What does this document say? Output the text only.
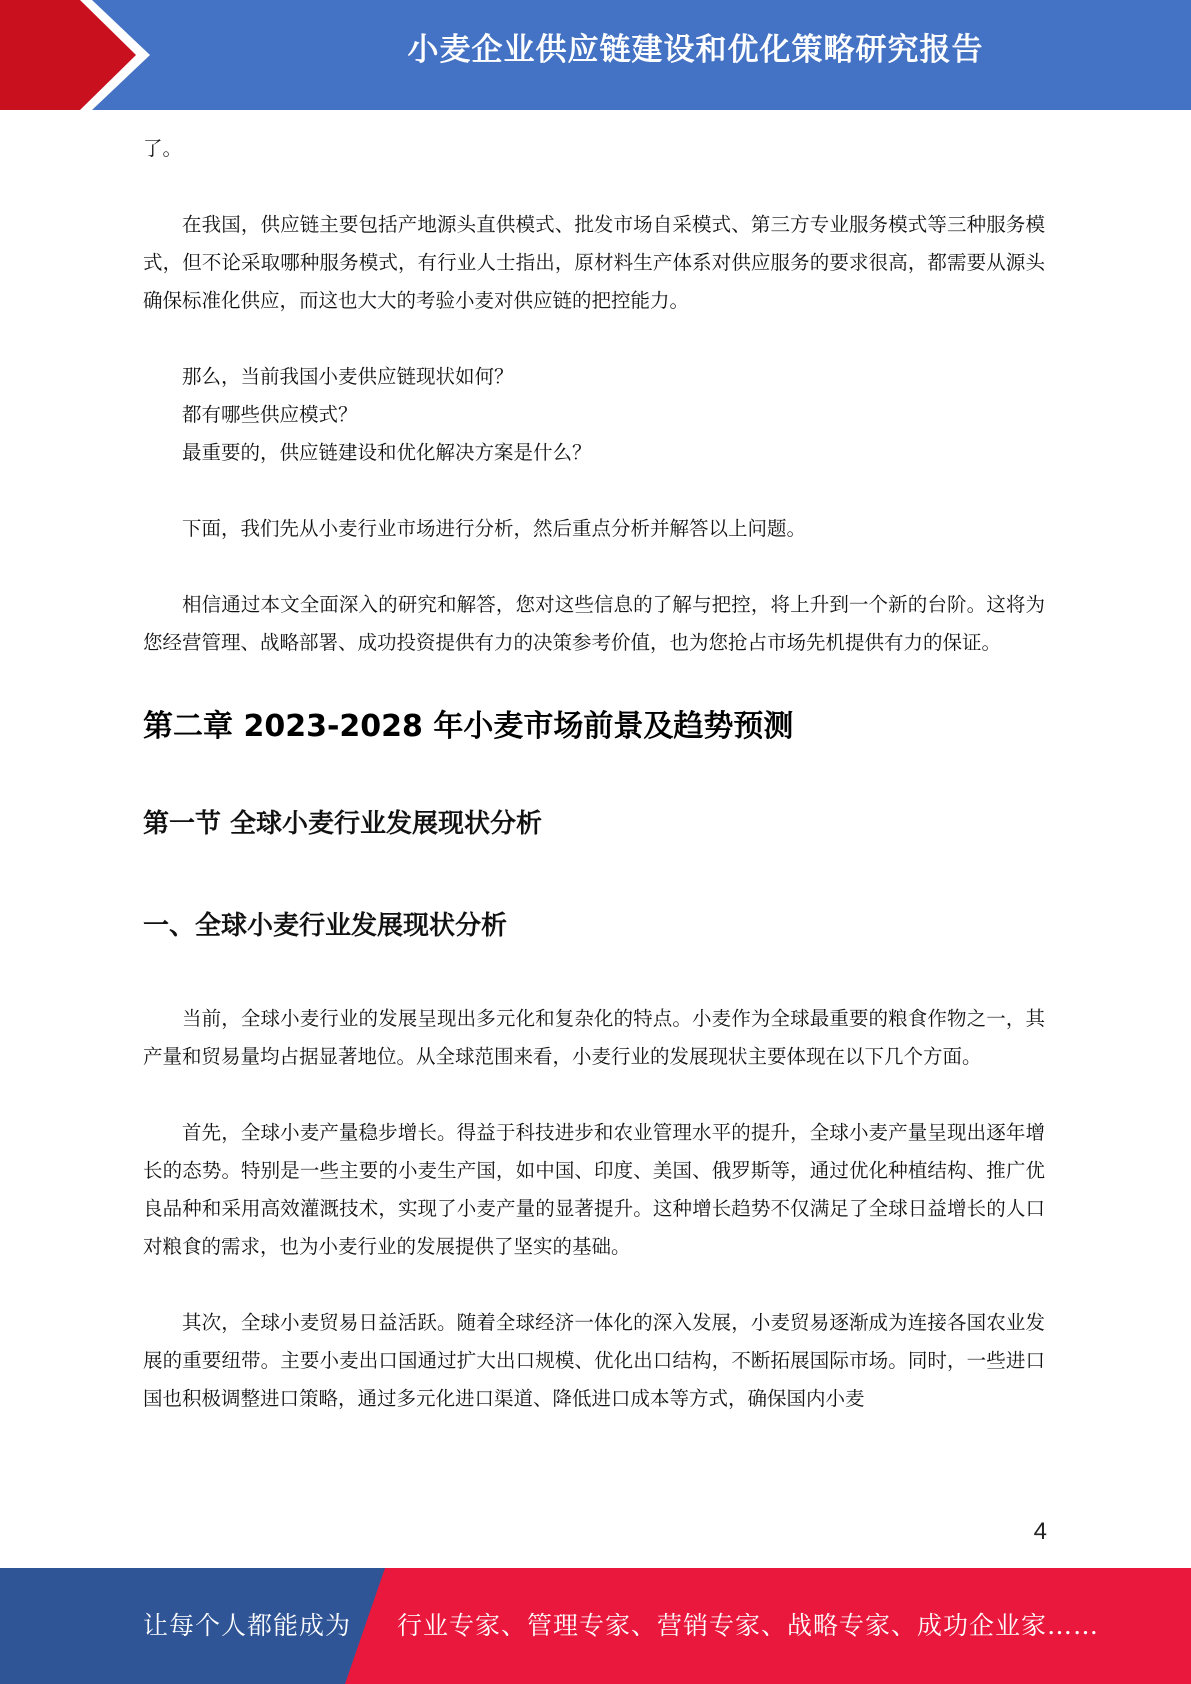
小麦企业供应链建设和优化策略研究报告

了。

在我国，供应链主要包括产地源头直供模式、批发市场自采模式、第三方专业服务模式等三种服务模式，但不论采取哪种服务模式，有行业人士指出，原材料生产体系对供应服务的要求很高，都需要从源头确保标准化供应，而这也大大的考验小麦对供应链的把控能力。

那么，当前我国小麦供应链现状如何？

都有哪些供应模式？

最重要的，供应链建设和优化解决方案是什么？

下面，我们先从小麦行业市场进行分析，然后重点分析并解答以上问题。

相信通过本文全面深入的研究和解答，您对这些信息的了解与把控，将上升到一个新的台阶。这将为您经营管理、战略部署、成功投资提供有力的决策参考价值，也为您抢占市场先机提供有力的保证。

第二章 2023-2028 年小麦市场前景及趋势预测
第一节 全球小麦行业发展现状分析
一、全球小麦行业发展现状分析

当前，全球小麦行业的发展呈现出多元化和复杂化的特点。小麦作为全球最重要的粮食作物之一，其产量和贸易量均占据显著地位。从全球范围来看，小麦行业的发展现状主要体现在以下几个方面。

首先，全球小麦产量稳步增长。得益于科技进步和农业管理水平的提升，全球小麦产量呈现出逐年增长的态势。特别是一些主要的小麦生产国，如中国、印度、美国、俄罗斯等，通过优化种植结构、推广优良品种和采用高效灌溉技术，实现了小麦产量的显著提升。这种增长趋势不仅满足了全球日益增长的人口对粮食的需求，也为小麦行业的发展提供了坚实的基础。

其次，全球小麦贸易日益活跃。随着全球经济一体化的深入发展，小麦贸易逐渐成为连接各国农业发展的重要纽带。主要小麦出口国通过扩大出口规模、优化出口结构，不断拓展国际市场。同时，一些进口国也积极调整进口策略，通过多元化进口渠道、降低进口成本等方式，确保国内小麦

4
让每个人都能成为 行业专家、管理专家、营销专家、战略专家、成功企业家……
